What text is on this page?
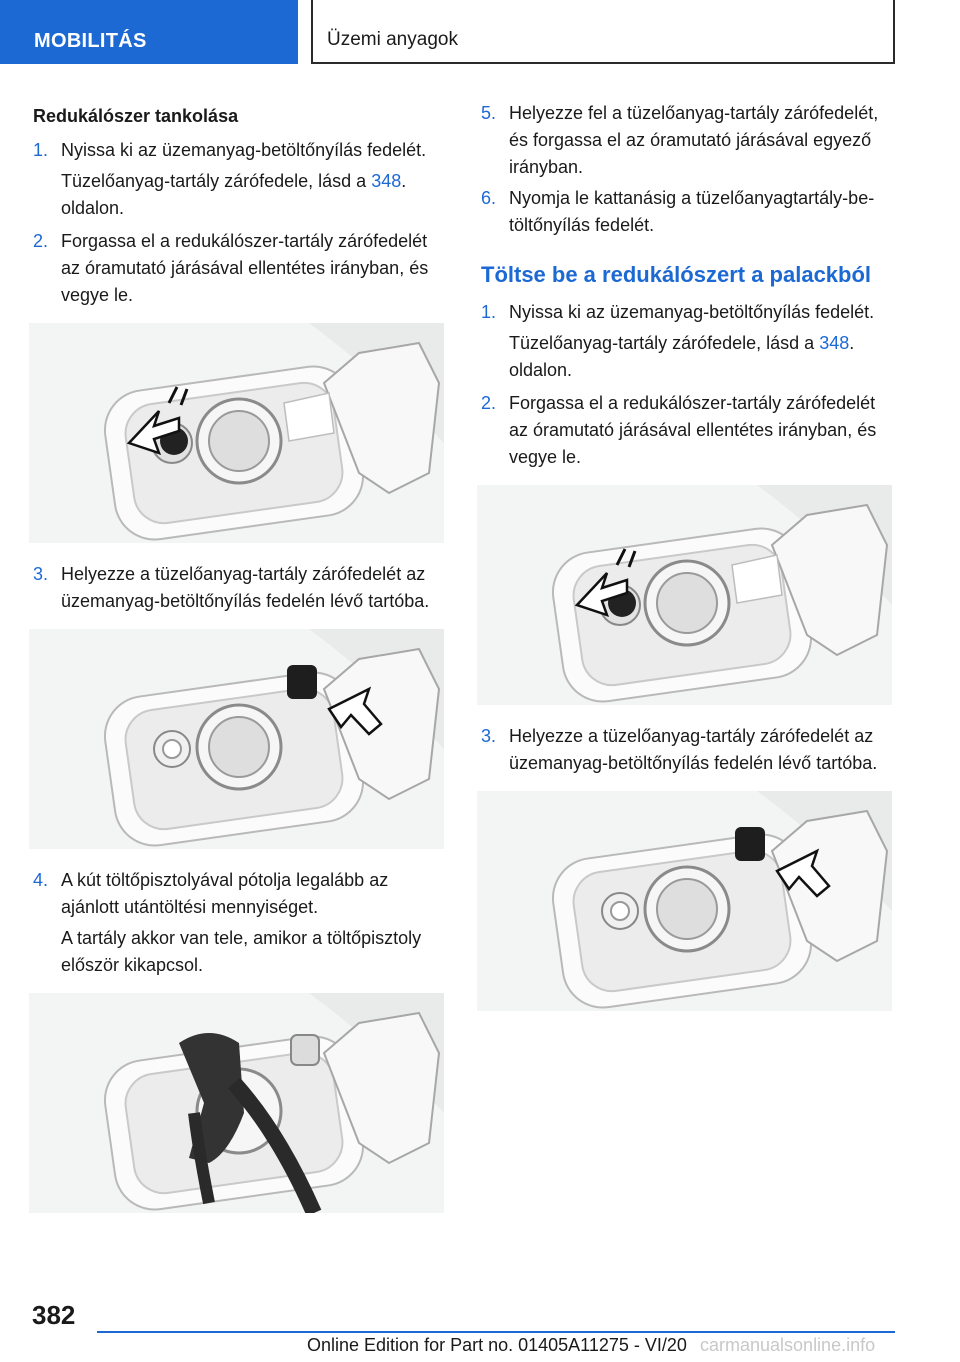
MOBILITÁS	Üzemi anyagok
Redukálószer tankolása
1. Nyissa ki az üzemanyag-betöltőnyílás fedelét.
Tüzelőanyag-tartály zárófedele, lásd a 348. oldalon.
2. Forgassa el a redukálószer-tartály zárófedelét az óramutató járásával ellentétes irányban, és vegye le.
3. Helyezze a tüzelőanyag-tartály zárófedelét az üzemanyag-betöltőnyílás fedelén lévő tartóba.
4. A kút töltőpisztolyával pótolja legalább az ajánlott utántöltési mennyiséget.
A tartály akkor van tele, amikor a töltőpisztoly először kikapcsol.
5. Helyezze fel a tüzelőanyag-tartály zárófedelét, és forgassa el az óramutató járásával egyező irányban.
6. Nyomja le kattanásig a tüzelőanyagtartály-betöltőnyílás fedelét.
Töltse be a redukálószert a palackból
1. Nyissa ki az üzemanyag-betöltőnyílás fedelét.
Tüzelőanyag-tartály zárófedele, lásd a 348. oldalon.
2. Forgassa el a redukálószer-tartály zárófedelét az óramutató járásával ellentétes irányban, és vegye le.
3. Helyezze a tüzelőanyag-tartály zárófedelét az üzemanyag-betöltőnyílás fedelén lévő tartóba.
382
Online Edition for Part no. 01405A11275 - VI/20 carmanualsonline.info
